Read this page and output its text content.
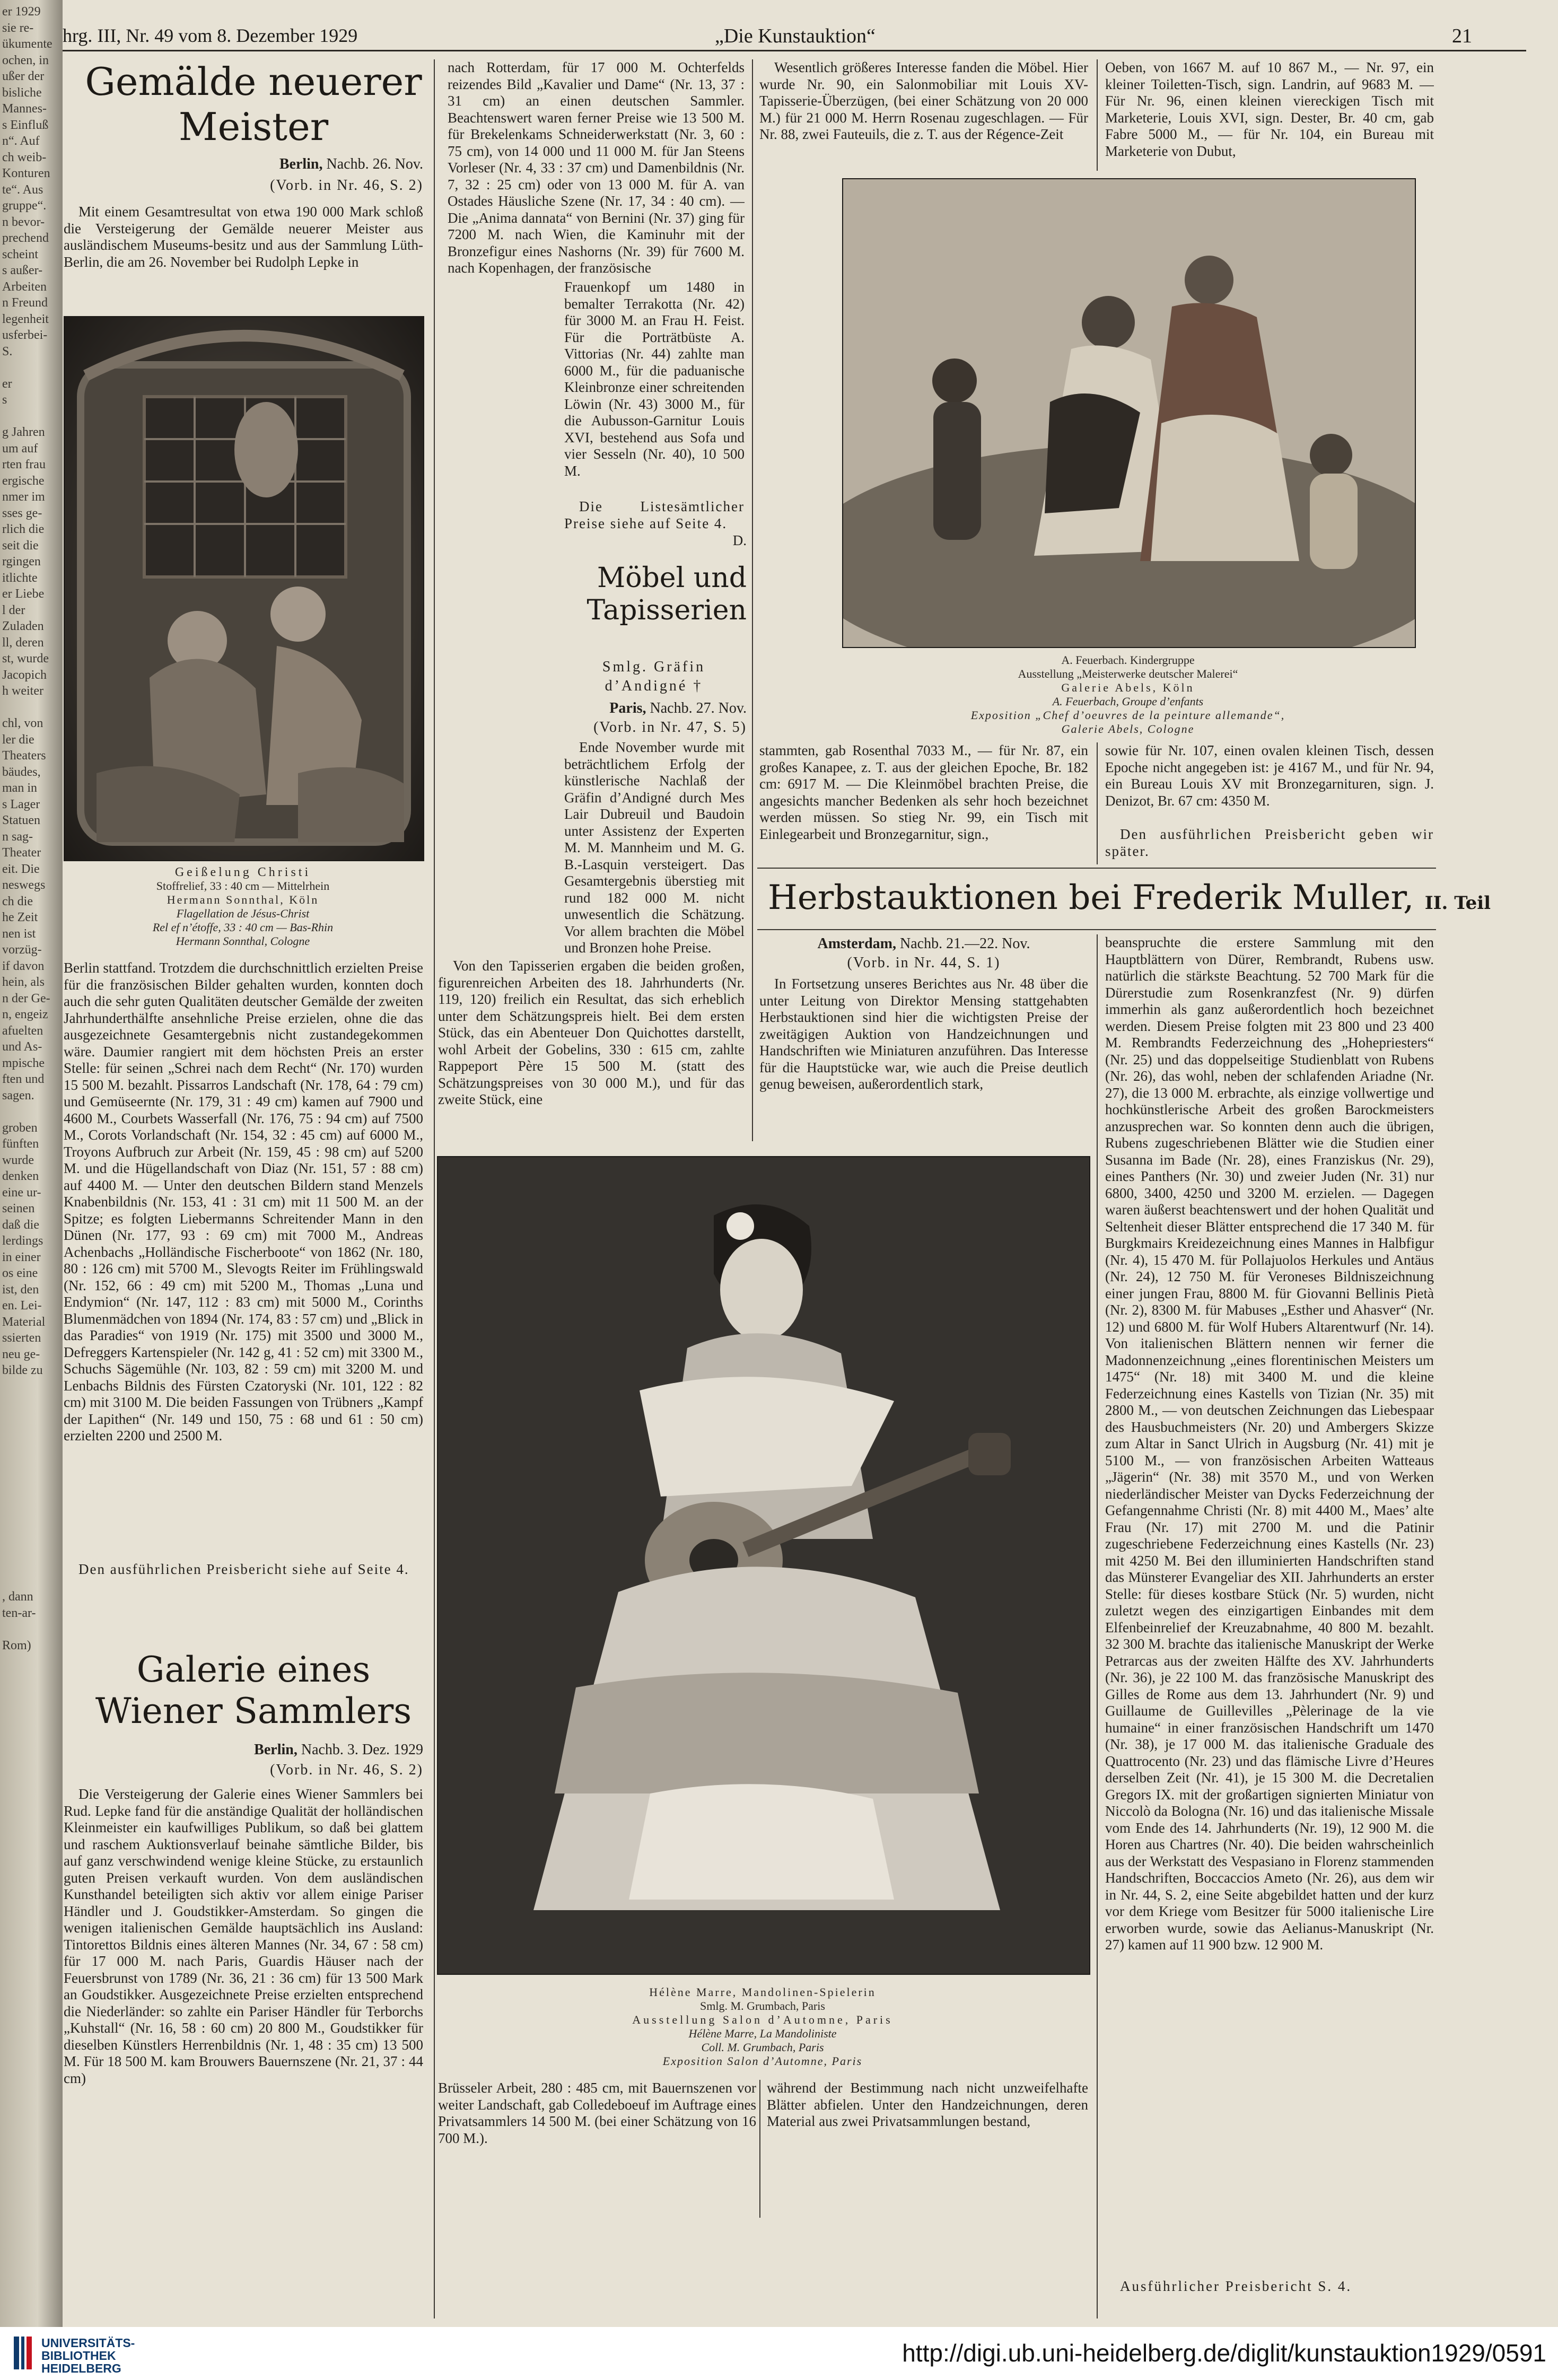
er 1929
sie re-
ükumente
ochen, in
ußer der
bisliche
Mannes-
s Einfluß
n“. Auf
ch weib-
Konturen
te“. Aus
gruppe“.
n bevor-
prechend
scheint
s außer-
Arbeiten
n Freund
legenheit
usferbei-
S.
er
s
g Jahren
um auf
rten frau
ergische
nmer im
sses ge-
rlich die
seit die
rgingen
itlichte
er Liebe
l der
Zuladen
ll, deren
st, wurde
Jacopich
h weiter
chl, von
ler die
Theaters
bäudes,
man in
s Lager
Statuen
n sag-
Theater
eit. Die
neswegs
ch die
he Zeit
nen ist
vorzüg-
if davon
hein, als
n der Ge-
n, engeiz
afuelten
und As-
mpische
ften und
sagen.
groben
fünften
wurde
denken
eine ur-
seinen
daß die
lerdings
in einer
os eine
ist, den
en. Lei-
Material
ssierten
neu ge-
bilde zu
, dann
ten-ar-
Rom)
hrg. III, Nr. 49 vom 8. Dezember 1929	„Die Kunstauktion“	21
Gemälde neuerer Meister
Berlin, Nachb. 26. Nov.
(Vorb. in Nr. 46, S. 2)

Mit einem Gesamtresultat von etwa 190 000 Mark schloß die Versteigerung der Gemälde neuerer Meister aus ausländischem Museums-besitz und aus der Sammlung Lüth-Berlin, die am 26. November bei Rudolph Lepke in

Geißelung Christi
Stoffrelief, 33 : 40 cm — Mittelrhein
Hermann Sonnthal, Köln
Flagellation de Jésus-Christ
Rel ef n’étoffe, 33 : 40 cm — Bas-Rhin
Hermann Sonnthal, Cologne

Berlin stattfand. Trotzdem die durchschnittlich erzielten Preise für die französischen Bilder gehalten wurden, konnten doch auch die sehr guten Qualitäten deutscher Gemälde der zweiten Jahrhunderthälfte ansehnliche Preise erzielen, ohne die das ausgezeichnete Gesamtergebnis nicht zustandegekommen wäre. Daumier rangiert mit dem höchsten Preis an erster Stelle: für seinen „Schrei nach dem Recht“ (Nr. 170) wurden 15 500 M. bezahlt. Pissarros Landschaft (Nr. 178, 64 : 79 cm) und Gemüseernte (Nr. 179, 31 : 49 cm) kamen auf 7900 und 4600 M., Courbets Wasserfall (Nr. 176, 75 : 94 cm) auf 7500 M., Corots Vorlandschaft (Nr. 154, 32 : 45 cm) auf 6000 M., Troyons Aufbruch zur Arbeit (Nr. 159, 45 : 98 cm) auf 5200 M. und die Hügellandschaft von Diaz (Nr. 151, 57 : 88 cm) auf 4400 M. — Unter den deutschen Bildern stand Menzels Knabenbildnis (Nr. 153, 41 : 31 cm) mit 11 500 M. an der Spitze; es folgten Liebermanns Schreitender Mann in den Dünen (Nr. 177, 93 : 69 cm) mit 7000 M., Andreas Achenbachs „Holländische Fischerboote“ von 1862 (Nr. 180, 80 : 126 cm) mit 5700 M., Slevogts Reiter im Frühlingswald (Nr. 152, 66 : 49 cm) mit 5200 M., Thomas „Luna und Endymion“ (Nr. 147, 112 : 83 cm) mit 5000 M., Corinths Blumenmädchen von 1894 (Nr. 174, 83 : 57 cm) und „Blick in das Paradies“ von 1919 (Nr. 175) mit 3500 und 3000 M., Defreggers Kartenspieler (Nr. 142 g, 41 : 52 cm) mit 3300 M., Schuchs Sägemühle (Nr. 103, 82 : 59 cm) mit 3200 M. und Lenbachs Bildnis des Fürsten Czatoryski (Nr. 101, 122 : 82 cm) mit 3100 M. Die beiden Fassungen von Trübners „Kampf der Lapithen“ (Nr. 149 und 150, 75 : 68 und 61 : 50 cm) erzielten 2200 und 2500 M.

Den ausführlichen Preisbericht siehe auf Seite 4.

Galerie eines Wiener Sammlers
Berlin, Nachb. 3. Dez. 1929
(Vorb. in Nr. 46, S. 2)

Die Versteigerung der Galerie eines Wiener Sammlers bei Rud. Lepke fand für die anständige Qualität der holländischen Kleinmeister ein kaufwilliges Publikum, so daß bei glattem und raschem Auktionsverlauf beinahe sämtliche Bilder, bis auf ganz verschwindend wenige kleine Stücke, zu erstaunlich guten Preisen verkauft wurden. Von dem ausländischen Kunsthandel beteiligten sich aktiv vor allem einige Pariser Händler und J. Goudstikker-Amsterdam. So gingen die wenigen italienischen Gemälde hauptsächlich ins Ausland: Tintorettos Bildnis eines älteren Mannes (Nr. 34, 67 : 58 cm) für 17 000 M. nach Paris, Guardis Häuser nach der Feuersbrunst von 1789 (Nr. 36, 21 : 36 cm) für 13 500 Mark an Goudstikker. Ausgezeichnete Preise erzielten entsprechend die Niederländer: so zahlte ein Pariser Händler für Terborchs „Kuhstall“ (Nr. 16, 58 : 60 cm) 20 800 M., Goudstikker für dieselben Künstlers Herrenbildnis (Nr. 1, 48 : 35 cm) 13 500 M. Für 18 500 M. kam Brouwers Bauernszene (Nr. 21, 37 : 44 cm)

nach Rotterdam, für 17 000 M. Ochterfelds reizendes Bild „Kavalier und Dame“ (Nr. 13, 37 : 31 cm) an einen deutschen Sammler. Beachtenswert waren ferner Preise wie 13 500 M. für Brekelenkams Schneiderwerkstatt (Nr. 3, 60 : 75 cm), von 14 000 und 11 000 M. für Jan Steens Vorleser (Nr. 4, 33 : 37 cm) und Damenbildnis (Nr. 7, 32 : 25 cm) oder von 13 000 M. für A. van Ostades Häusliche Szene (Nr. 17, 34 : 40 cm). — Die „Anima dannata“ von Bernini (Nr. 37) ging für 7200 M. nach Wien, die Kaminuhr mit der Bronzefigur eines Nashorns (Nr. 39) für 7600 M. nach Kopenhagen, der französische

Frauenkopf um 1480 in bemalter Terrakotta (Nr. 42) für 3000 M. an Frau H. Feist. Für die Porträtbüste A. Vittorias (Nr. 44) zahlte man 6000 M., für die paduanische Kleinbronze einer schreitenden Löwin (Nr. 43) 3000 M., für die Aubusson-Garnitur Louis XVI, bestehend aus Sofa und vier Sesseln (Nr. 40), 10 500 M.

Die Listesämtlicher Preise siehe auf Seite 4.

D.
Möbel und Tapisserien
Smlg. Gräfin
d’Andigné †
Paris, Nachb. 27. Nov.
(Vorb. in Nr. 47, S. 5)

Ende November wurde mit beträchtlichem Erfolg der künstlerische Nachlaß der Gräfin d’Andigné durch Mes Lair Dubreuil und Baudoin unter Assistenz der Experten M. M. Mannheim und M. G. B.-Lasquin versteigert. Das Gesamtergebnis überstieg mit rund 182 000 M. nicht unwesentlich die Schätzung. Vor allem brachten die Möbel und Bronzen hohe Preise.

Von den Tapisserien ergaben die beiden großen, figurenreichen Arbeiten des 18. Jahrhunderts (Nr. 119, 120) freilich ein Resultat, das sich erheblich unter dem Schätzungspreis hielt. Bei dem ersten Stück, das ein Abenteuer Don Quichottes darstellt, wohl Arbeit der Gobelins, 330 : 615 cm, zahlte Rappeport Père 15 500 M. (statt des Schätzungspreises von 30 000 M.), und für das zweite Stück, eine

Wesentlich größeres Interesse fanden die Möbel. Hier wurde Nr. 90, ein Salonmobiliar mit Louis XV-Tapisserie-Überzügen, (bei einer Schätzung von 20 000 M.) für 21 000 M. Herrn Rosenau zugeschlagen. — Für Nr. 88, zwei Fauteuils, die z. T. aus der Régence-Zeit

Oeben, von 1667 M. auf 10 867 M., — Nr. 97, ein kleiner Toiletten-Tisch, sign. Landrin, auf 9683 M. — Für Nr. 96, einen kleinen viereckigen Tisch mit Marketerie, Louis XVI, sign. Dester, Br. 40 cm, gab Fabre 5000 M., — für Nr. 104, ein Bureau mit Marketerie von Dubut,

A. Feuerbach. Kindergruppe
Ausstellung „Meisterwerke deutscher Malerei“
Galerie Abels, Köln
A. Feuerbach, Groupe d’enfants
Exposition „Chef d’oeuvres de la peinture allemande“,
Galerie Abels, Cologne

stammten, gab Rosenthal 7033 M., — für Nr. 87, ein großes Kanapee, z. T. aus der gleichen Epoche, Br. 182 cm: 6917 M. — Die Kleinmöbel brachten Preise, die angesichts mancher Bedenken als sehr hoch bezeichnet werden müssen. So stieg Nr. 99, ein Tisch mit Einlegearbeit und Bronzegarnitur, sign.,

sowie für Nr. 107, einen ovalen kleinen Tisch, dessen Epoche nicht angegeben ist: je 4167 M., und für Nr. 94, ein Bureau Louis XV mit Bronzegarnituren, sign. J. Denizot, Br. 67 cm: 4350 M.

Den ausführlichen Preisbericht geben wir später.

Herbstauktionen bei Frederik Muller, II. Teil
Amsterdam, Nachb. 21.—22. Nov.
(Vorb. in Nr. 44, S. 1)

In Fortsetzung unseres Berichtes aus Nr. 48 über die unter Leitung von Direktor Mensing stattgehabten Herbstauktionen sind hier die wichtigsten Preise der zweitägigen Auktion von Handzeichnungen und Handschriften wie Miniaturen anzuführen. Das Interesse für die Hauptstücke war, wie auch die Preise deutlich genug beweisen, außerordentlich stark,

beanspruchte die erstere Sammlung mit den Hauptblättern von Dürer, Rembrandt, Rubens usw. natürlich die stärkste Beachtung. 52 700 Mark für die Dürerstudie zum Rosenkranzfest (Nr. 9) dürfen immerhin als ganz außerordentlich hoch bezeichnet werden. Diesem Preise folgten mit 23 800 und 23 400 M. Rembrandts Federzeichnung des „Hohepriesters“ (Nr. 25) und das doppelseitige Studienblatt von Rubens (Nr. 26), das wohl, neben der schlafenden Ariadne (Nr. 27), die 13 000 M. erbrachte, als einzige vollwertige und hochkünstlerische Arbeit des großen Barockmeisters anzusprechen war. So konnten denn auch die übrigen, Rubens zugeschriebenen Blätter wie die Studien einer Susanna im Bade (Nr. 28), eines Franziskus (Nr. 29), eines Panthers (Nr. 30) und zweier Juden (Nr. 31) nur 6800, 3400, 4250 und 3200 M. erzielen. — Dagegen waren äußerst beachtenswert und der hohen Qualität und Seltenheit dieser Blätter entsprechend die 17 340 M. für Burgkmairs Kreidezeichnung eines Mannes in Halbfigur (Nr. 4), 15 470 M. für Pollajuolos Herkules und Antäus (Nr. 24), 12 750 M. für Veroneses Bildniszeichnung einer jungen Frau, 8800 M. für Giovanni Bellinis Pietà (Nr. 2), 8300 M. für Mabuses „Esther und Ahasver“ (Nr. 12) und 6800 M. für Wolf Hubers Altarentwurf (Nr. 14). Von italienischen Blättern nennen wir ferner die Madonnenzeichnung „eines florentinischen Meisters um 1475“ (Nr. 18) mit 3400 M. und die kleine Federzeichnung eines Kastells von Tizian (Nr. 35) mit 2800 M., — von deutschen Zeichnungen das Liebespaar des Hausbuchmeisters (Nr. 20) und Ambergers Skizze zum Altar in Sanct Ulrich in Augsburg (Nr. 41) mit je 5100 M., — von französischen Arbeiten Watteaus „Jägerin“ (Nr. 38) mit 3570 M., und von Werken niederländischer Meister van Dycks Federzeichnung der Gefangennahme Christi (Nr. 8) mit 4400 M., Maes’ alte Frau (Nr. 17) mit 2700 M. und die Patinir zugeschriebene Federzeichnung eines Kastells (Nr. 23) mit 4250 M. Bei den illuminierten Handschriften stand das Münsterer Evangeliar des XII. Jahrhunderts an erster Stelle: für dieses kostbare Stück (Nr. 5) wurden, nicht zuletzt wegen des einzigartigen Einbandes mit dem Elfenbeinrelief der Kreuzabnahme, 40 800 M. bezahlt. 32 300 M. brachte das italienische Manuskript der Werke Petrarcas aus der zweiten Hälfte des XV. Jahrhunderts (Nr. 36), je 22 100 M. das französische Manuskript des Gilles de Rome aus dem 13. Jahrhundert (Nr. 9) und Guillaume de Guillevilles „Pèlerinage de la vie humaine“ in einer französischen Handschrift um 1470 (Nr. 38), je 17 000 M. das italienische Graduale des Quattrocento (Nr. 23) und das flämische Livre d’Heures derselben Zeit (Nr. 41), je 15 300 M. die Decretalien Gregors IX. mit der großartigen signierten Miniatur von Niccolò da Bologna (Nr. 16) und das italienische Missale vom Ende des 14. Jahrhunderts (Nr. 19), 12 900 M. die Horen aus Chartres (Nr. 40). Die beiden wahrscheinlich aus der Werkstatt des Vespasiano in Florenz stammenden Handschriften, Boccaccios Ameto (Nr. 26), aus dem wir in Nr. 44, S. 2, eine Seite abgebildet hatten und der kurz vor dem Kriege vom Besitzer für 5000 italienische Lire erworben wurde, sowie das Aelianus-Manuskript (Nr. 27) kamen auf 11 900 bzw. 12 900 M.

Ausführlicher Preisbericht S. 4.

Hélène Marre, Mandolinen-Spielerin
Smlg. M. Grumbach, Paris
Ausstellung Salon d’Automne, Paris
Hélène Marre, La Mandoliniste
Coll. M. Grumbach, Paris
Exposition Salon d’Automne, Paris

Brüsseler Arbeit, 280 : 485 cm, mit Bauernszenen vor weiter Landschaft, gab Colledeboeuf im Auftrage eines Privatsammlers 14 500 M. (bei einer Schätzung von 16 700 M.).

während der Bestimmung nach nicht unzweifelhafte Blätter abfielen. Unter den Handzeichnungen, deren Material aus zwei Privatsammlungen bestand,

UNIVERSITÄTS-
BIBLIOTHEK
HEIDELBERG
http://digi.ub.uni-heidelberg.de/diglit/kunstauktion1929/0591
